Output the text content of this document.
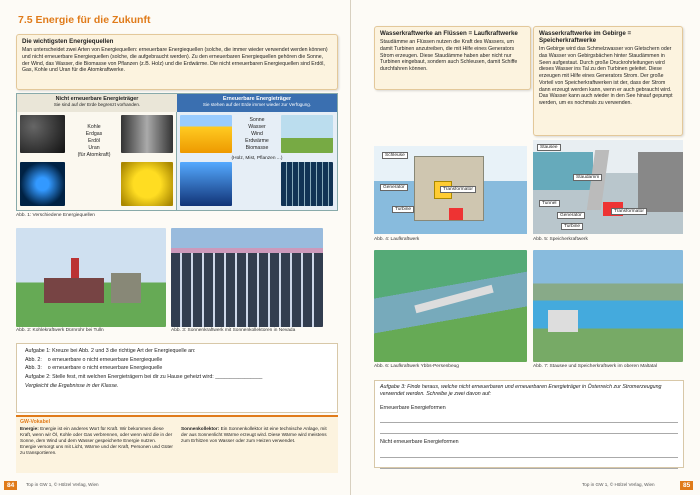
7.5 Energie für die Zukunft
Die wichtigsten Energiequellen

Man unterscheidet zwei Arten von Energiequellen: erneuerbare Energiequellen (solche, die immer wieder verwendet werden können) und nicht erneuerbare Energiequellen (solche, die aufgebraucht werden). Zu den erneuerbaren Energiequellen gehören die Sonne, der Wind, das Wasser, die Biomasse von Pflanzen (z.B. Holz) und die Erdwärme. Die nicht erneuerbaren Energiequellen sind Erdöl, Gas, Kohle und Uran für die Atomkraftwerke.

Nicht erneuerbare Energieträger
Sie sind auf der Erde begrenzt vorhanden.
Erneuerbare Energieträger
Sie stehen auf der Erde immer wieder zur Verfügung.
Kohle
Erdgas
Erdöl
Uran
(für Atomkraft)
Sonne
Wasser
Wind
Erdwärme
Biomasse
(Holz, Mist, Pflanzen ...)
Abb. 1: Verschiedene Energiequellen
Abb. 2: Kohlekraftwerk Dürnrohr bei Tulln	Abb. 3: Sonnenkraftwerk mit Sonnenkollektoren in Nevada
Aufgabe 1: Kreuze bei Abb. 2 und 3 die richtige Art der Energiequelle an:
Abb. 2: o erneuerbare o nicht erneuerbare Energiequelle
Abb. 3: o erneuerbare o nicht erneuerbare Energiequelle
Aufgabe 2: Stelle fest, mit welchen Energieträgern bei dir zu Hause geheizt wird: ________________
Vergleicht die Ergebnisse in der Klasse.
GW-Vokabel
Energie: Energie ist ein anderes Wort für Kraft. Wir bekommen diese Kraft, wenn wir Öl, Kohle oder Gas verbrennen, oder wenn wird die in der Sonne, dem Wind und dem Wasser gespeicherte Energie nutzen. Energie versorgt uns mit Licht, Wärme und der Kraft, Personen und Güter zu transportieren.
Sonnenkollektor: Ein Sonnenkollektor ist eine technische Anlage, mit der aus Sonnenlicht Wärme erzeugt wird. Diese Wärme wird meistens zum Erhitzen von Wasser oder zum Heizen verwendet.
84	Top in GW 1, © Hölzel Verlag, Wien
Wasserkraftwerke an Flüssen = Laufkraftwerke

Staudämme an Flüssen nutzen die Kraft des Wassers, um damit Turbinen anzutreiben, die mit Hilfe eines Generators Strom erzeugen. Diese Staudämme haben aber nicht nur Turbinen eingebaut, sondern auch Schleusen, damit Schiffe durchfahren können.

Wasserkraftwerke im Gebirge = Speicherkraftwerke

Im Gebirge wird das Schmelzwasser von Gletschern oder das Wasser von Gebirgsbächen hinter Staudämmen in Seen aufgestaut. Durch große Druckrohrleitungen wird dieses Wasser ins Tal zu den Turbinen geleitet. Diese erzeugen mit Hilfe eines Generators Strom. Der große Vorteil von Speicherkraftwerken ist der, dass der Strom dann erzeugt werden kann, wenn er auch gebraucht wird. Das Wasser kann auch wieder in den See hinauf gepumpt werden, um es nochmals zu verwenden.

Schleuse
Generator	Transformator
Turbine
Abb. 4: Laufkraftwerk
Stausee
Staudamm
Tunnel
Generator
Transformator
Turbine
Abb. 5: Speicherkraftwerk
Abb. 6: Laufkraftwerk Ybbs-Persenbeug	Abb. 7: Stausee und Speicherkraftwerk im oberen Maltatal
Aufgabe 3: Finde heraus, welche nicht erneuerbaren und erneuerbaren Energieträger in Österreich zur Stromerzeugung verwendet werden. Schreibe je zwei davon auf:
Erneuerbare Energieformen
Nicht erneuerbare Energieformen
Top in GW 1, © Hölzel Verlag, Wien	85
